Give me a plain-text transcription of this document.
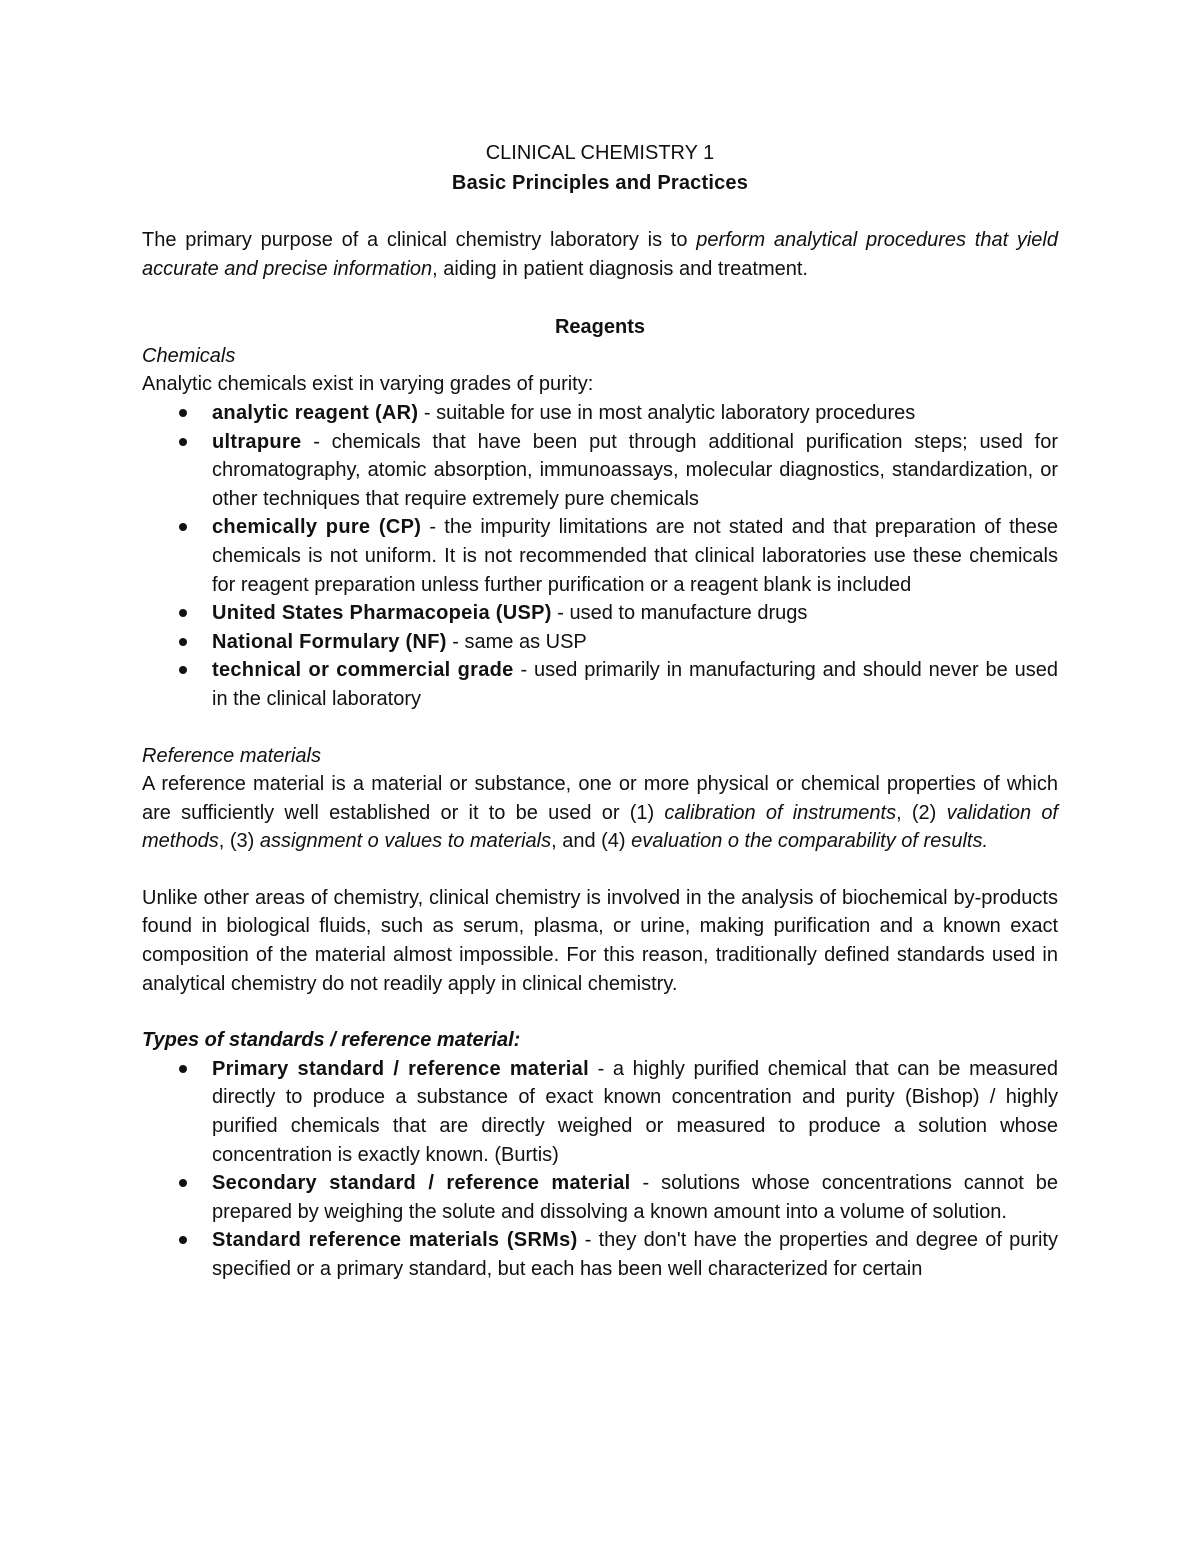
CLINICAL CHEMISTRY 1
Basic Principles and Practices

The primary purpose of a clinical chemistry laboratory is to perform analytical procedures that yield accurate and precise information, aiding in patient diagnosis and treatment.

Reagents
Chemicals
Analytic chemicals exist in varying grades of purity:
analytic reagent (AR) - suitable for use in most analytic laboratory procedures
ultrapure - chemicals that have been put through additional purification steps; used for chromatography, atomic absorption, immunoassays, molecular diagnostics, standardization, or other techniques that require extremely pure chemicals
chemically pure (CP) - the impurity limitations are not stated and that preparation of these chemicals is not uniform. It is not recommended that clinical laboratories use these chemicals for reagent preparation unless further purification or a reagent blank is included
United States Pharmacopeia (USP) - used to manufacture drugs
National Formulary (NF) - same as USP
technical or commercial grade - used primarily in manufacturing and should never be used in the clinical laboratory
Reference materials

A reference material is a material or substance, one or more physical or chemical properties of which are sufficiently well established or it to be used or (1) calibration of instruments, (2) validation of methods, (3) assignment o values to materials, and (4) evaluation o the comparability of results.

Unlike other areas of chemistry, clinical chemistry is involved in the analysis of biochemical by-products found in biological fluids, such as serum, plasma, or urine, making purification and a known exact composition of the material almost impossible. For this reason, traditionally defined standards used in analytical chemistry do not readily apply in clinical chemistry.

Types of standards / reference material:
Primary standard / reference material - a highly purified chemical that can be measured directly to produce a substance of exact known concentration and purity (Bishop) / highly purified chemicals that are directly weighed or measured to produce a solution whose concentration is exactly known. (Burtis)
Secondary standard / reference material - solutions whose concentrations cannot be prepared by weighing the solute and dissolving a known amount into a volume of solution.
Standard reference materials (SRMs) - they don't have the properties and degree of purity specified or a primary standard, but each has been well characterized for certain
